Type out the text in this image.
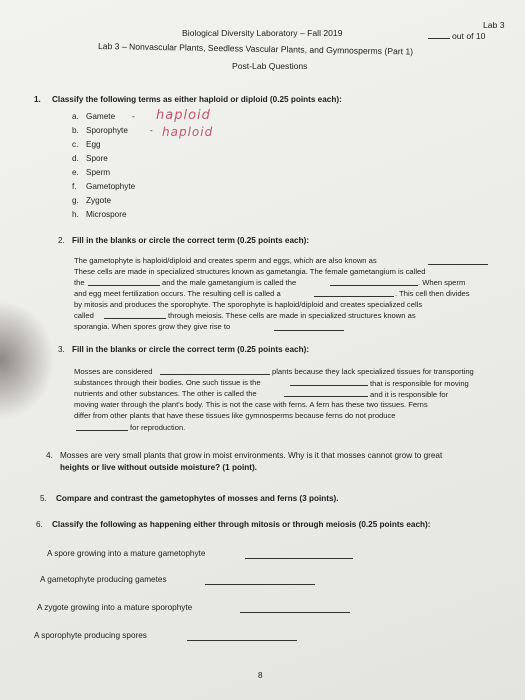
Lab 3
out of 10
Biological Diversity Laboratory – Fall 2019
Lab 3 – Nonvascular Plants, Seedless Vascular Plants, and Gymnosperms (Part 1)
Post-Lab Questions
1. Classify the following terms as either haploid or diploid (0.25 points each):
a. Gamete - haploid
b. Sporophyte	- haploid
c. Egg
d. Spore
e. Sperm
f. Gametophyte
g. Zygote
h. Microspore
2. Fill in the blanks or circle the correct term (0.25 points each):
The gametophyte is haploid/diploid and creates sperm and eggs, which are also known as
These cells are made in specialized structures known as gametangia. The female gametangium is called
the	and the male gametangium is called the	. When sperm
and egg meet fertilization occurs. The resulting cell is called a	. This cell then divides
by mitosis and produces the sporophyte. The sporophyte is haploid/diploid and creates specialized cells
called	through meiosis. These cells are made in specialized structures known as
sporangia. When spores grow they give rise to
3. Fill in the blanks or circle the correct term (0.25 points each):
Mosses are considered	plants because they lack specialized tissues for transporting
substances through their bodies. One such tissue is the	that is responsible for moving
nutrients and other substances. The other is called the	and it is responsible for
moving water through the plant's body. This is not the case with ferns. A fern has these two tissues. Ferns
differ from other plants that have these tissues like gymnosperms because ferns do not produce
for reproduction.
4. Mosses are very small plants that grow in moist environments. Why is it that mosses cannot grow to great
heights or live without outside moisture? (1 point).
5. Compare and contrast the gametophytes of mosses and ferns (3 points).
6. Classify the following as happening either through mitosis or through meiosis (0.25 points each):
A spore growing into a mature gametophyte
A gametophyte producing gametes
A zygote growing into a mature sporophyte
A sporophyte producing spores
8
